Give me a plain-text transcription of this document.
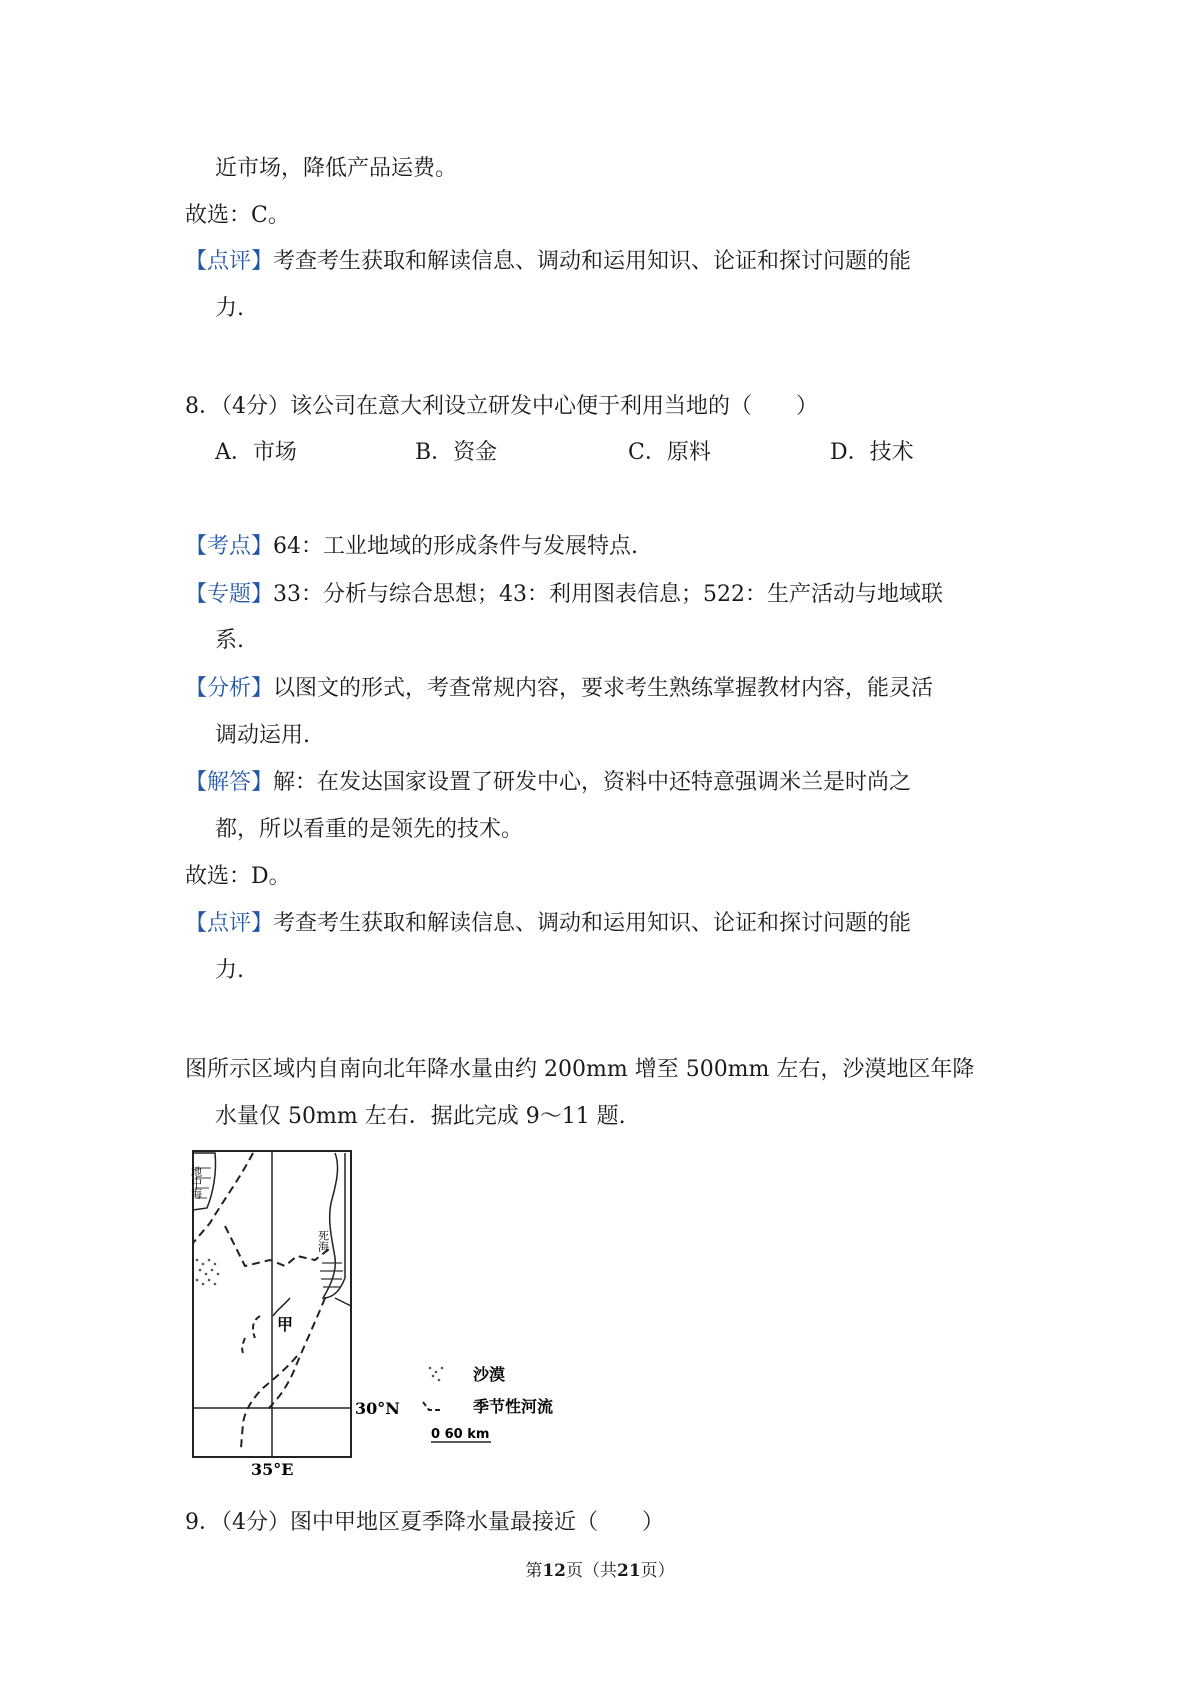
近市场，降低产品运费。
故选：C。
【点评】考查考生获取和解读信息、调动和运用知识、论证和探讨问题的能
力.
8．（4分）该公司在意大利设立研发中心便于利用当地的（　　）
A．市场	B．资金	C．原料	D．技术
【考点】64：工业地域的形成条件与发展特点.
【专题】33：分析与综合思想；43：利用图表信息；522：生产活动与地域联
系.
【分析】以图文的形式，考查常规内容，要求考生熟练掌握教材内容，能灵活
调动运用.
【解答】解：在发达国家设置了研发中心，资料中还特意强调米兰是时尚之
都，所以看重的是领先的技术。
故选：D。
【点评】考查考生获取和解读信息、调动和运用知识、论证和探讨问题的能
力.
图所示区域内自南向北年降水量由约 200mm 增至 500mm 左右，沙漠地区年降
水量仅 50mm 左右．据此完成 9～11 题.
地中海
死海
甲
30°N
35°E
沙漠
季节性河流
0 60 km
9．（4分）图中甲地区夏季降水量最接近（　　）
第12页（共21页）
